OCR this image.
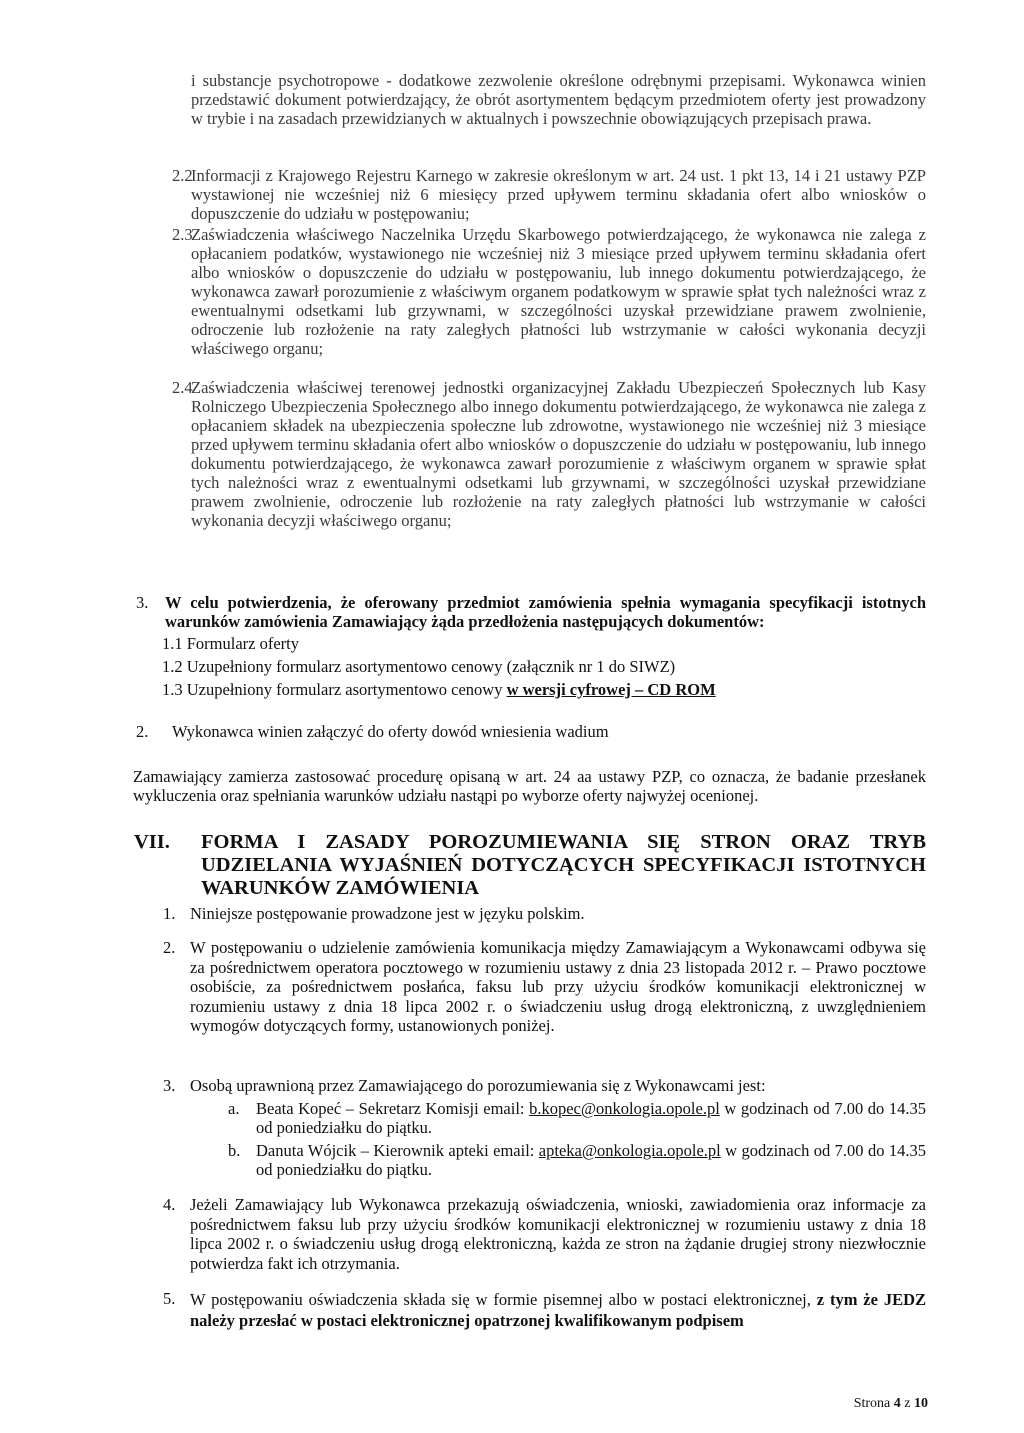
i substancje psychotropowe - dodatkowe zezwolenie określone odrębnymi przepisami. Wykonawca winien przedstawić dokument potwierdzający, że obrót asortymentem będącym przedmiotem oferty jest prowadzony w trybie i na zasadach przewidzianych w aktualnych i powszechnie obowiązujących przepisach prawa.

2.2

Informacji z Krajowego Rejestru Karnego w zakresie określonym w art. 24 ust. 1 pkt 13, 14 i 21 ustawy PZP wystawionej nie wcześniej niż 6 miesięcy przed upływem terminu składania ofert albo wniosków o dopuszczenie do udziału w postępowaniu;

2.3

Zaświadczenia właściwego Naczelnika Urzędu Skarbowego potwierdzającego, że wykonawca nie zalega z opłacaniem podatków, wystawionego nie wcześniej niż 3 miesiące przed upływem terminu składania ofert albo wniosków o dopuszczenie do udziału w postępowaniu, lub innego dokumentu potwierdzającego, że wykonawca zawarł porozumienie z właściwym organem podatkowym w sprawie spłat tych należności wraz z ewentualnymi odsetkami lub grzywnami, w szczególności uzyskał przewidziane prawem zwolnienie, odroczenie lub rozłożenie na raty zaległych płatności lub wstrzymanie w całości wykonania decyzji właściwego organu;

2.4

Zaświadczenia właściwej terenowej jednostki organizacyjnej Zakładu Ubezpieczeń Społecznych lub Kasy Rolniczego Ubezpieczenia Społecznego albo innego dokumentu potwierdzającego, że wykonawca nie zalega z opłacaniem składek na ubezpieczenia społeczne lub zdrowotne, wystawionego nie wcześniej niż 3 miesiące przed upływem terminu składania ofert albo wniosków o dopuszczenie do udziału w postępowaniu, lub innego dokumentu potwierdzającego, że wykonawca zawarł porozumienie z właściwym organem w sprawie spłat tych należności wraz z ewentualnymi odsetkami lub grzywnami, w szczególności uzyskał przewidziane prawem zwolnienie, odroczenie lub rozłożenie na raty zaległych płatności lub wstrzymanie w całości wykonania decyzji właściwego organu;

3. W celu potwierdzenia, że oferowany przedmiot zamówienia spełnia wymagania specyfikacji istotnych warunków zamówienia Zamawiający żąda przedłożenia następujących dokumentów:

1.1 Formularz oferty
1.2 Uzupełniony formularz asortymentowo cenowy (załącznik nr 1 do SIWZ)
1.3 Uzupełniony formularz asortymentowo cenowy w wersji cyfrowej – CD ROM
2. Wykonawca winien załączyć do oferty dowód wniesienia wadium

Zamawiający zamierza zastosować procedurę opisaną w art. 24 aa ustawy PZP, co oznacza, że badanie przesłanek wykluczenia oraz spełniania warunków udziału nastąpi po wyborze oferty najwyżej ocenionej.

VII. FORMA I ZASADY POROZUMIEWANIA SIĘ STRON ORAZ TRYB UDZIELANIA WYJAŚNIEŃ DOTYCZĄCYCH SPECYFIKACJI ISTOTNYCH WARUNKÓW ZAMÓWIENIA
1. Niniejsze postępowanie prowadzone jest w języku polskim.
2. W postępowaniu o udzielenie zamówienia komunikacja między Zamawiającym a Wykonawcami odbywa się za pośrednictwem operatora pocztowego w rozumieniu ustawy z dnia 23 listopada 2012 r. – Prawo pocztowe osobiście, za pośrednictwem posłańca, faksu lub przy użyciu środków komunikacji elektronicznej w rozumieniu ustawy z dnia 18 lipca 2002 r. o świadczeniu usług drogą elektroniczną, z uwzględnieniem wymogów dotyczących formy, ustanowionych poniżej.

3. Osobą uprawnioną przez Zamawiającego do porozumiewania się z Wykonawcami jest:
a. Beata Kopeć – Sekretarz Komisji email: b.kopec@onkologia.opole.pl w godzinach od 7.00 do 14.35 od poniedziałku do piątku.

b. Danuta Wójcik – Kierownik apteki email: apteka@onkologia.opole.pl w godzinach od 7.00 do 14.35 od poniedziałku do piątku.

4. Jeżeli Zamawiający lub Wykonawca przekazują oświadczenia, wnioski, zawiadomienia oraz informacje za pośrednictwem faksu lub przy użyciu środków komunikacji elektronicznej w rozumieniu ustawy z dnia 18 lipca 2002 r. o świadczeniu usług drogą elektroniczną, każda ze stron na żądanie drugiej strony niezwłocznie potwierdza fakt ich otrzymania.

5. W postępowaniu oświadczenia składa się w formie pisemnej albo w postaci elektronicznej, z tym że JEDZ należy przesłać w postaci elektronicznej opatrzonej kwalifikowanym podpisem

Strona 4 z 10
